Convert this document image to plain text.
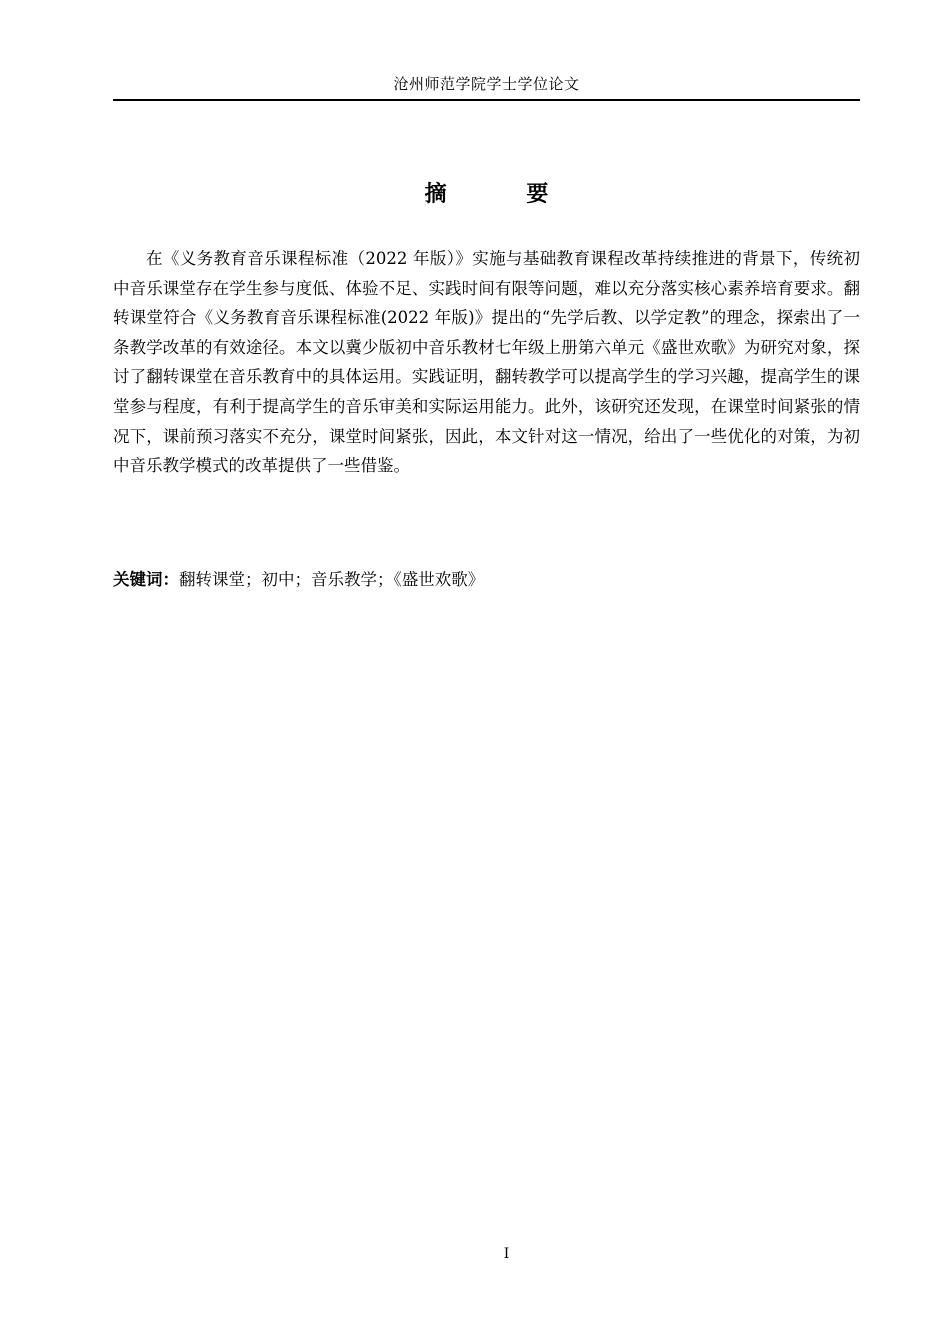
沧州师范学院学士学位论文
摘 要

在《义务教育音乐课程标准（2022 年版）》实施与基础教育课程改革持续推进的背景下，传统初中音乐课堂存在学生参与度低、体验不足、实践时间有限等问题，难以充分落实核心素养培育要求。翻转课堂符合《义务教育音乐课程标准(2022 年版)》提出的“先学后教、以学定教”的理念，探索出了一条教学改革的有效途径。本文以冀少版初中音乐教材七年级上册第六单元《盛世欢歌》为研究对象，探讨了翻转课堂在音乐教育中的具体运用。实践证明，翻转教学可以提高学生的学习兴趣，提高学生的课堂参与程度，有利于提高学生的音乐审美和实际运用能力。此外，该研究还发现，在课堂时间紧张的情况下，课前预习落实不充分，课堂时间紧张，因此，本文针对这一情况，给出了一些优化的对策，为初中音乐教学模式的改革提供了一些借鉴。

关键词：翻转课堂；初中；音乐教学；《盛世欢歌》
I
